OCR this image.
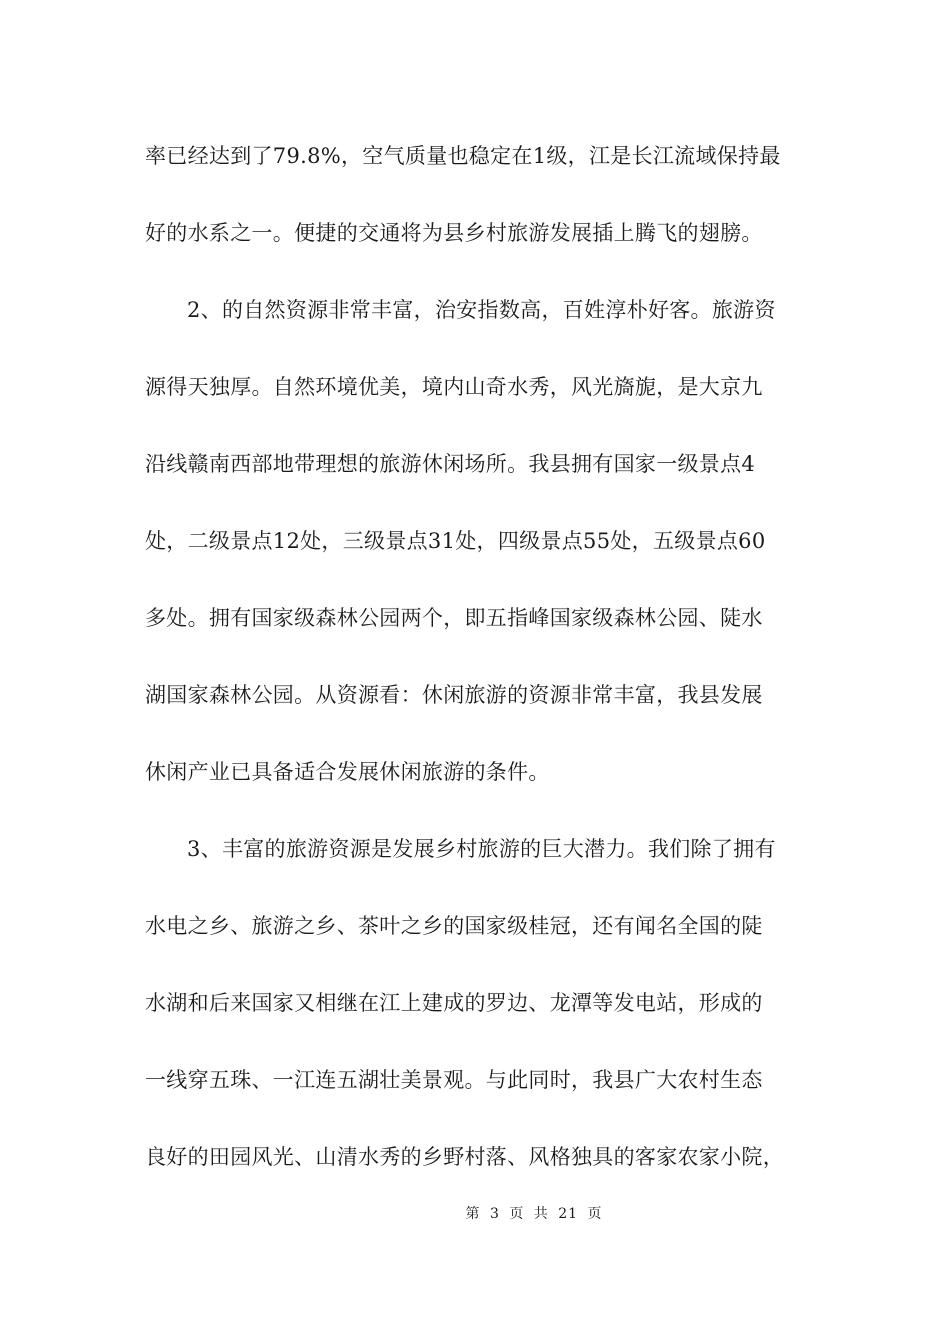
率已经达到了79.8%，空气质量也稳定在1级，江是长江流域保持最
好的水系之一。便捷的交通将为县乡村旅游发展插上腾飞的翅膀。
2、的自然资源非常丰富，治安指数高，百姓淳朴好客。旅游资
源得天独厚。自然环境优美，境内山奇水秀，风光旖旎，是大京九
沿线赣南西部地带理想的旅游休闲场所。我县拥有国家一级景点4
处，二级景点12处，三级景点31处，四级景点55处，五级景点60
多处。拥有国家级森林公园两个，即五指峰国家级森林公园、陡水
湖国家森林公园。从资源看：休闲旅游的资源非常丰富，我县发展
休闲产业已具备适合发展休闲旅游的条件。
3、丰富的旅游资源是发展乡村旅游的巨大潜力。我们除了拥有
水电之乡、旅游之乡、茶叶之乡的国家级桂冠，还有闻名全国的陡
水湖和后来国家又相继在江上建成的罗边、龙潭等发电站，形成的
一线穿五珠、一江连五湖壮美景观。与此同时，我县广大农村生态
良好的田园风光、山清水秀的乡野村落、风格独具的客家农家小院，
第 3 页 共 21 页
